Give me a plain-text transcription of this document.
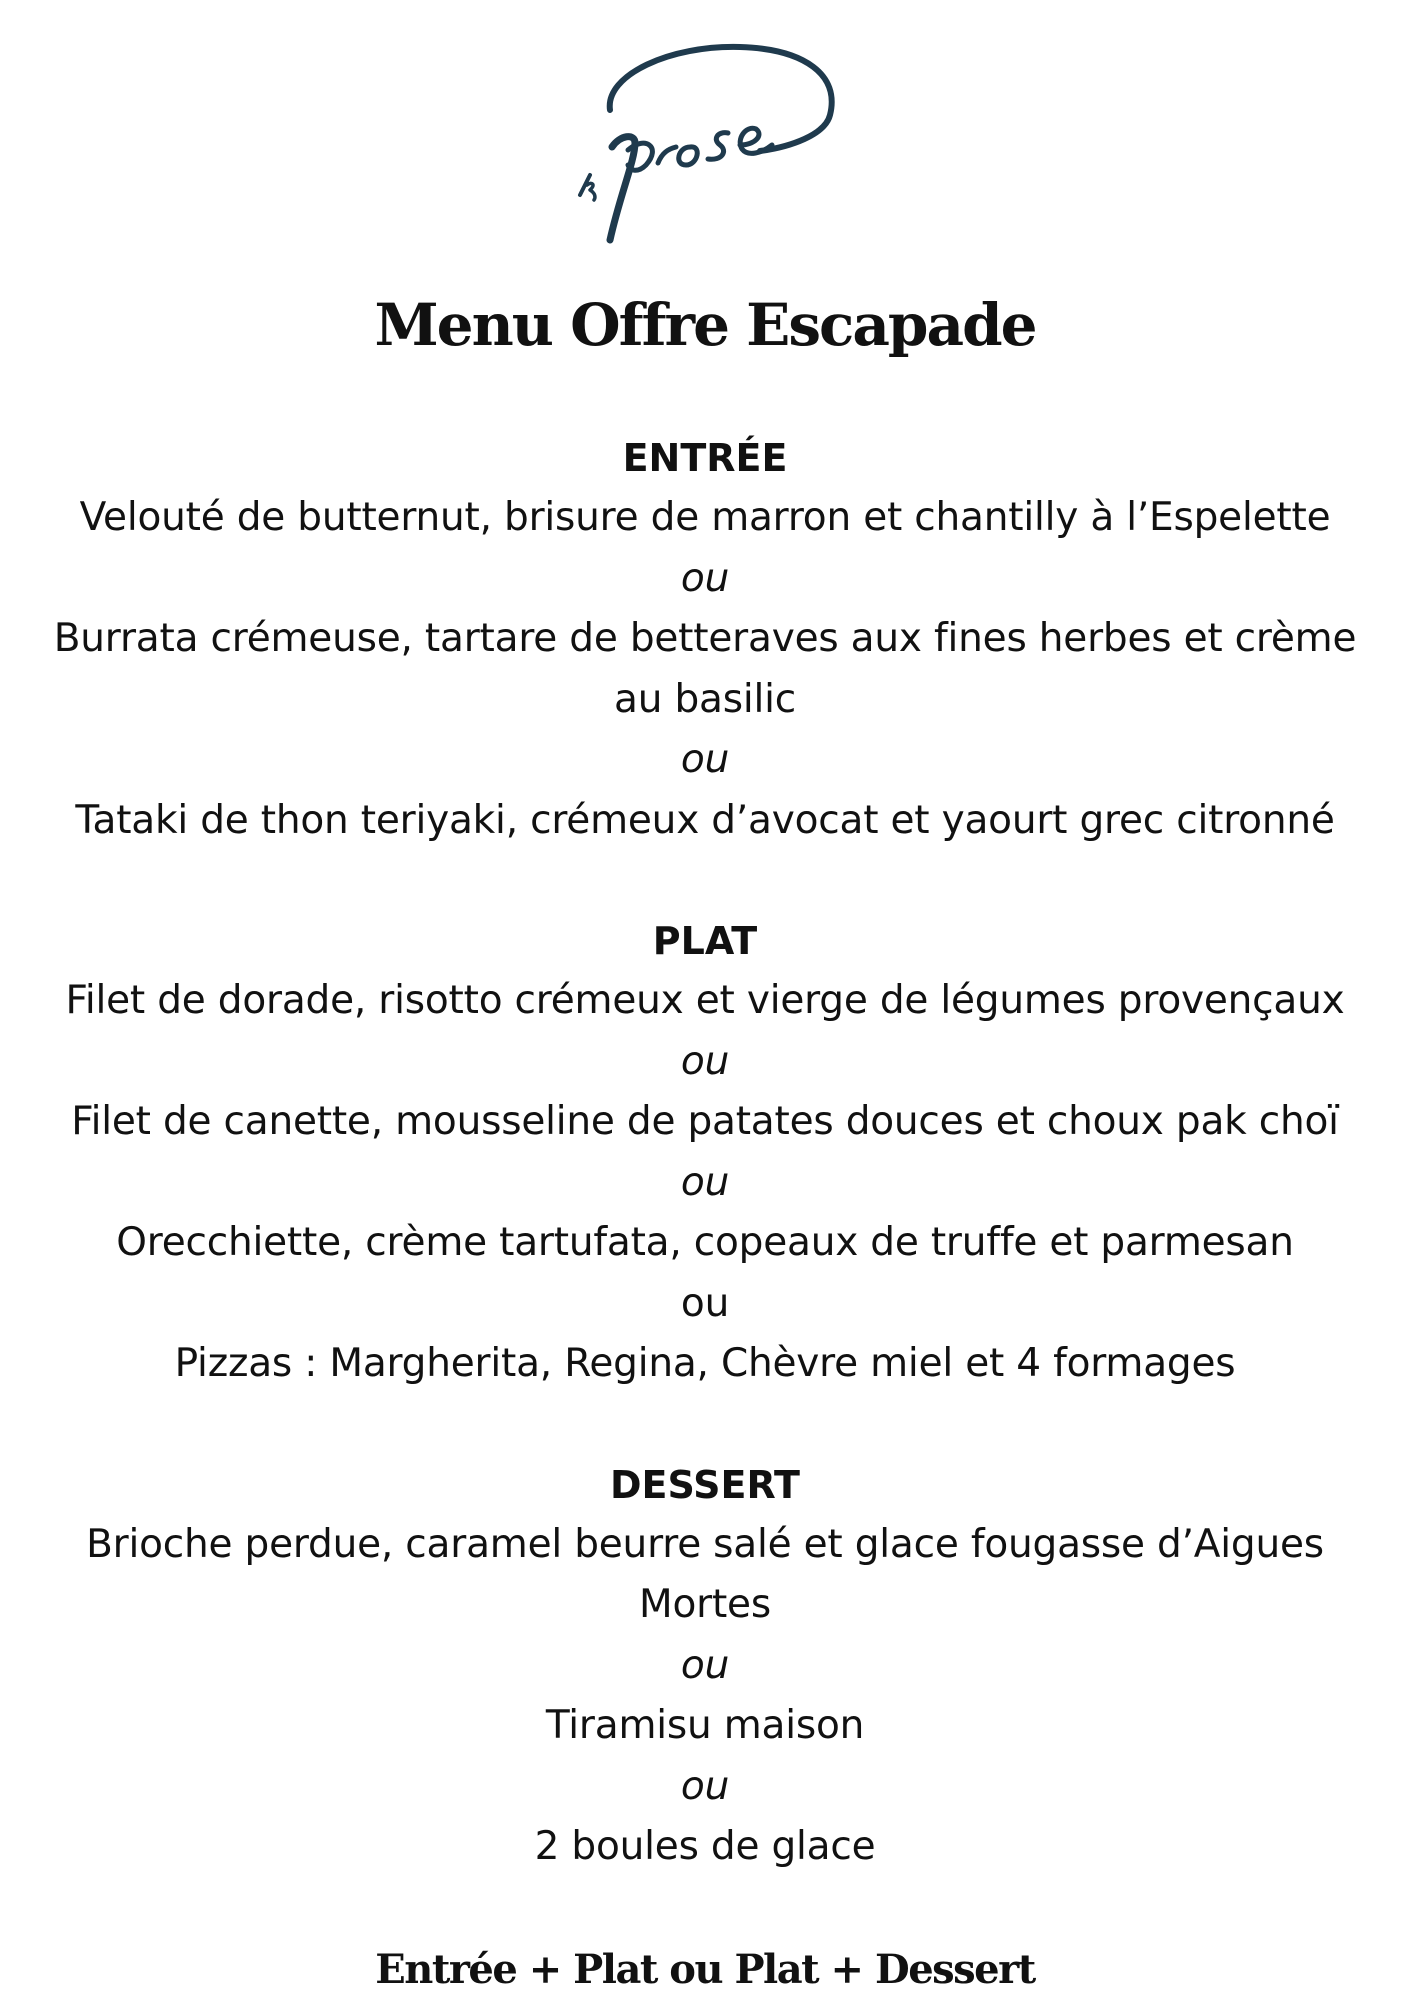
Menu Offre Escapade
ENTRÉE
Velouté de butternut, brisure de marron et chantilly à l’Espelette
ou
Burrata crémeuse, tartare de betteraves aux fines herbes et crème
au basilic
ou
Tataki de thon teriyaki, crémeux d’avocat et yaourt grec citronné
PLAT
Filet de dorade, risotto crémeux et vierge de légumes provençaux
ou
Filet de canette, mousseline de patates douces et choux pak choï
ou
Orecchiette, crème tartufata, copeaux de truffe et parmesan
ou
Pizzas : Margherita, Regina, Chèvre miel et 4 formages
DESSERT
Brioche perdue, caramel beurre salé et glace fougasse d’Aigues
Mortes
ou
Tiramisu maison
ou
2 boules de glace
Entrée + Plat ou Plat + Dessert
